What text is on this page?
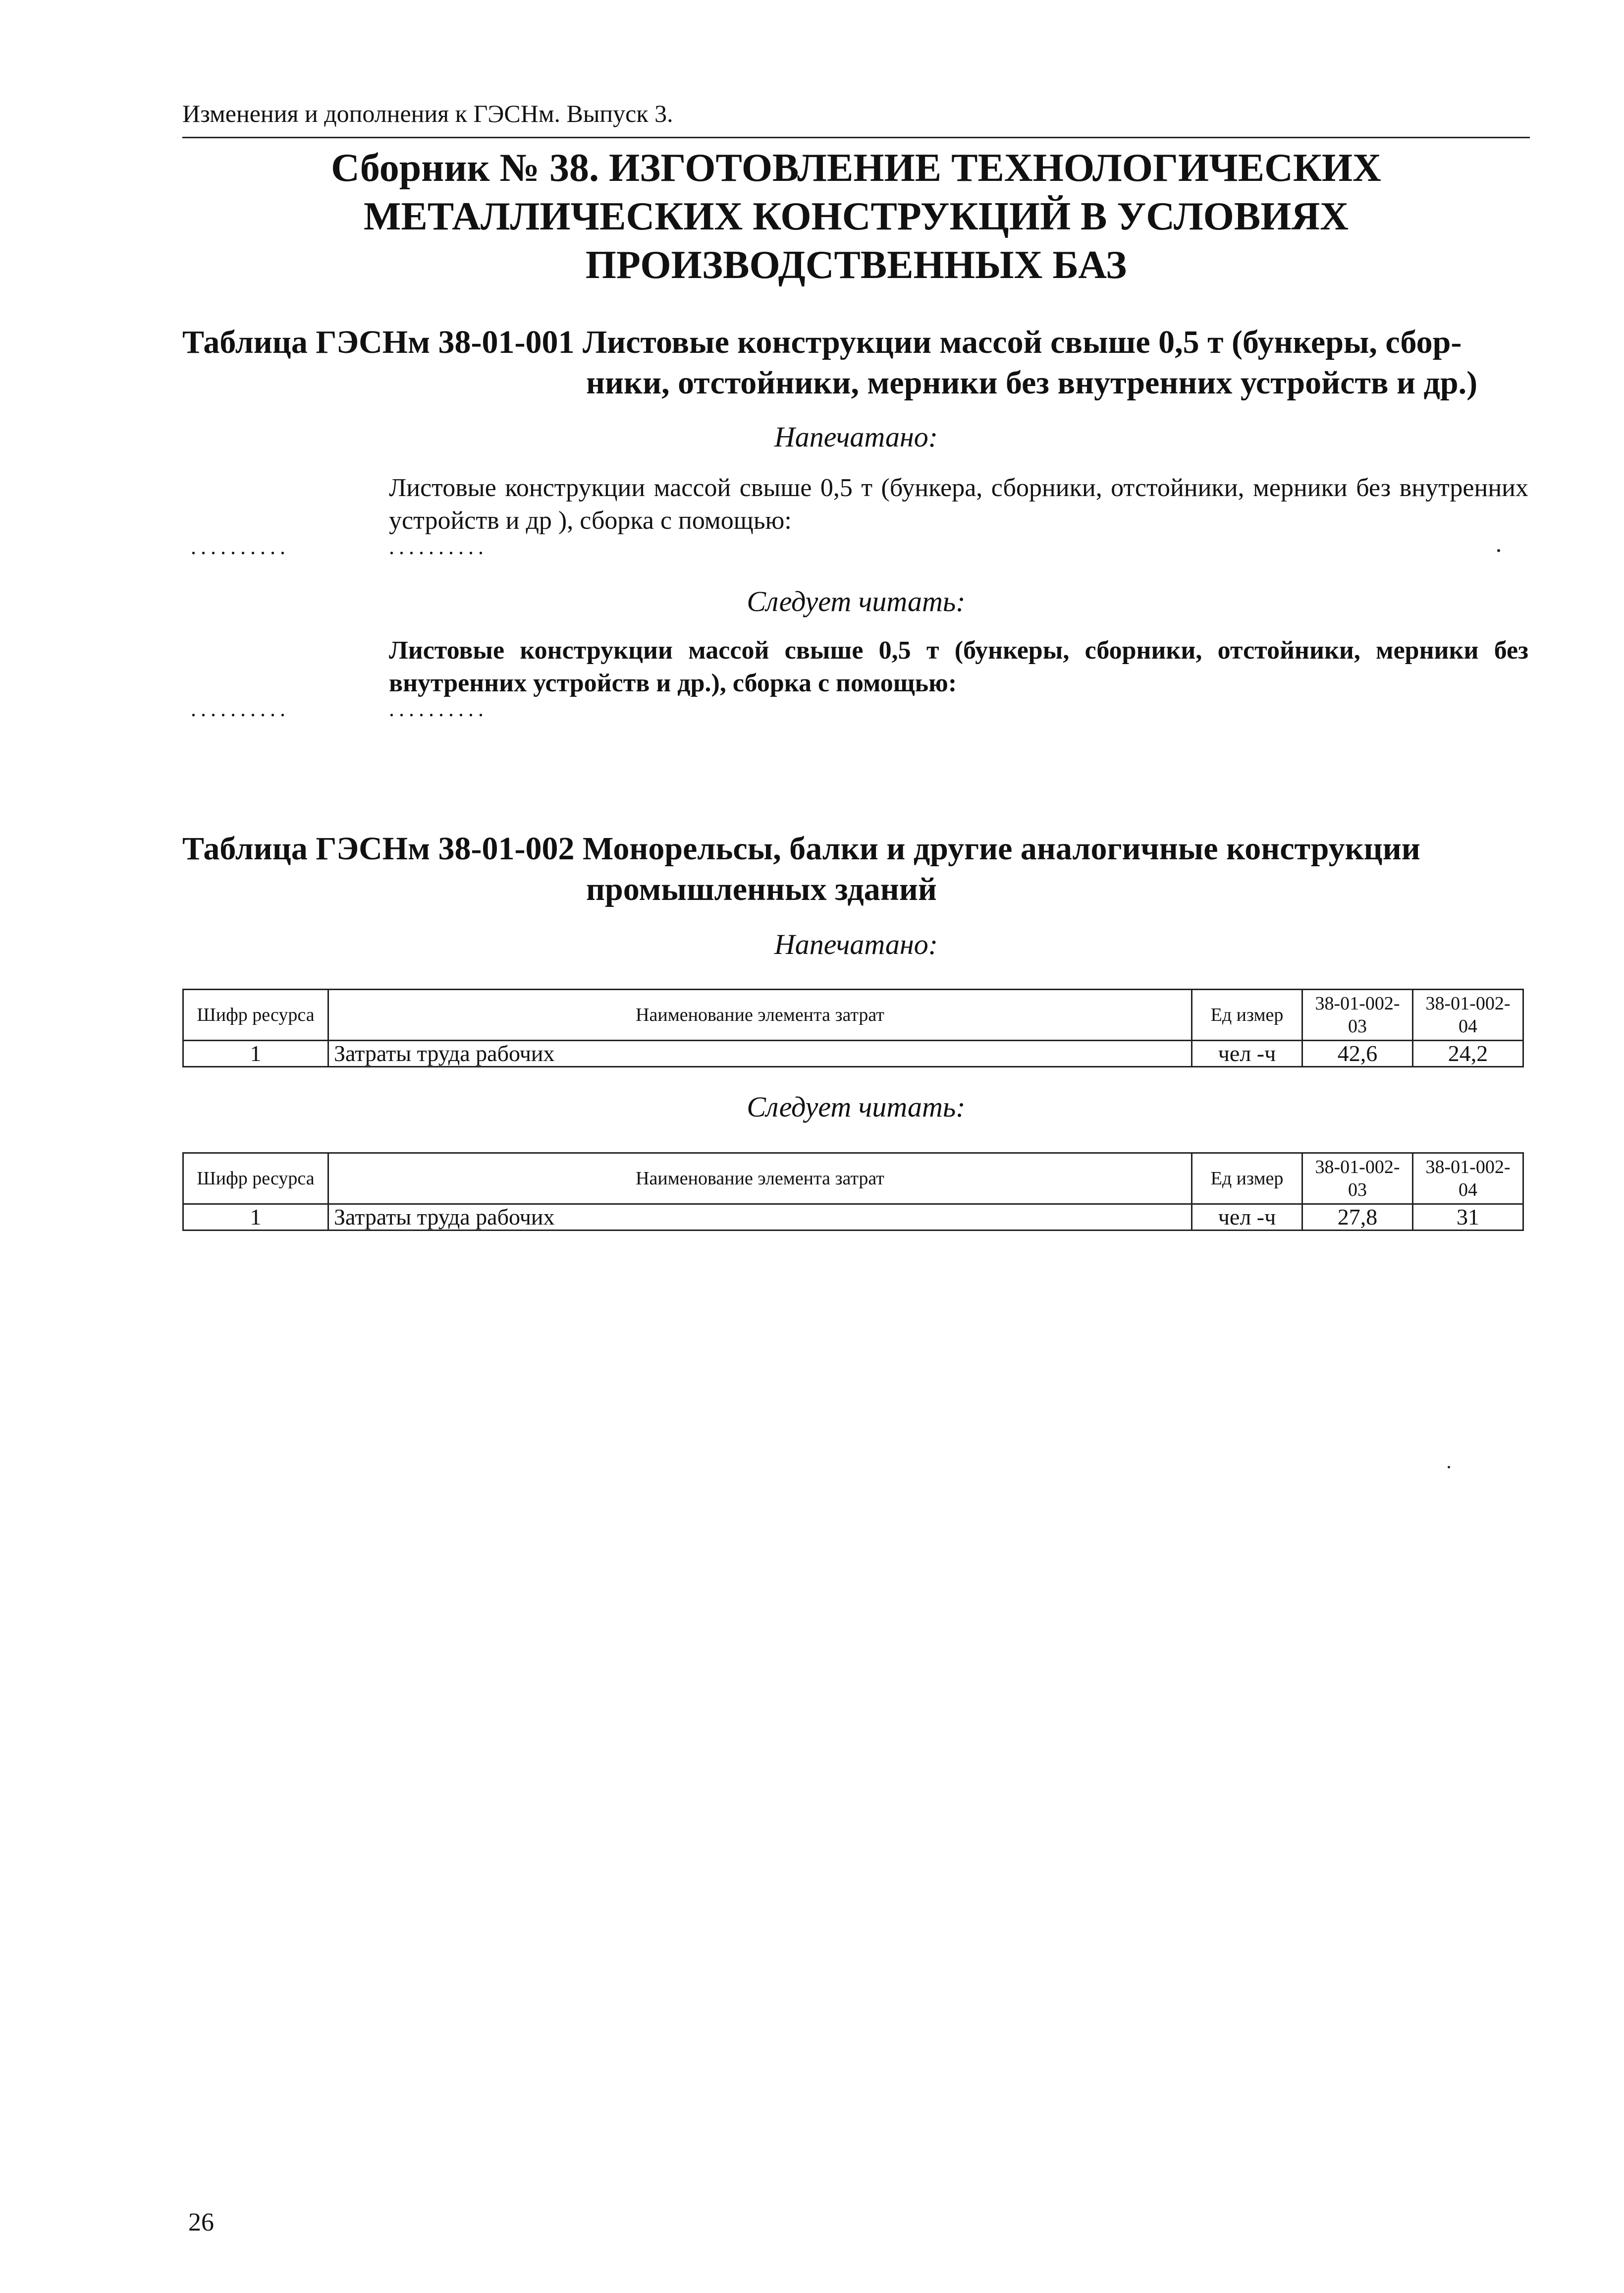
Изменения и дополнения к ГЭСНм. Выпуск 3.
Сборник № 38. ИЗГОТОВЛЕНИЕ ТЕХНОЛОГИЧЕСКИХ
МЕТАЛЛИЧЕСКИХ КОНСТРУКЦИЙ В УСЛОВИЯХ
ПРОИЗВОДСТВЕННЫХ БАЗ
Таблица ГЭСНм 38-01-001 Листовые конструкции массой свыше 0,5 т (бункеры, сбор-
ники, отстойники, мерники без внутренних устройств и др.)
Напечатано:
Листовые конструкции массой свыше 0,5 т (бункера, сборники, отстойники, мерники без внутренних устройств и др ), сборка с помощью:
..........	..........
Следует читать:
Листовые конструкции массой свыше 0,5 т (бункеры, сборники, отстойники, мерники без внутренних устройств и др.), сборка с помощью:
..........	..........
Таблица ГЭСНм 38-01-002 Монорельсы, балки и другие аналогичные конструкции
промышленных зданий
Напечатано:
Шифр ресурса	Наименование элемента затрат	Ед измер	38-01-002-03	38-01-002-04
1	Затраты труда рабочих	чел -ч	42,6	24,2
Следует читать:
Шифр ресурса	Наименование элемента затрат	Ед измер	38-01-002-03	38-01-002-04
1	Затраты труда рабочих	чел -ч	27,8	31
26
